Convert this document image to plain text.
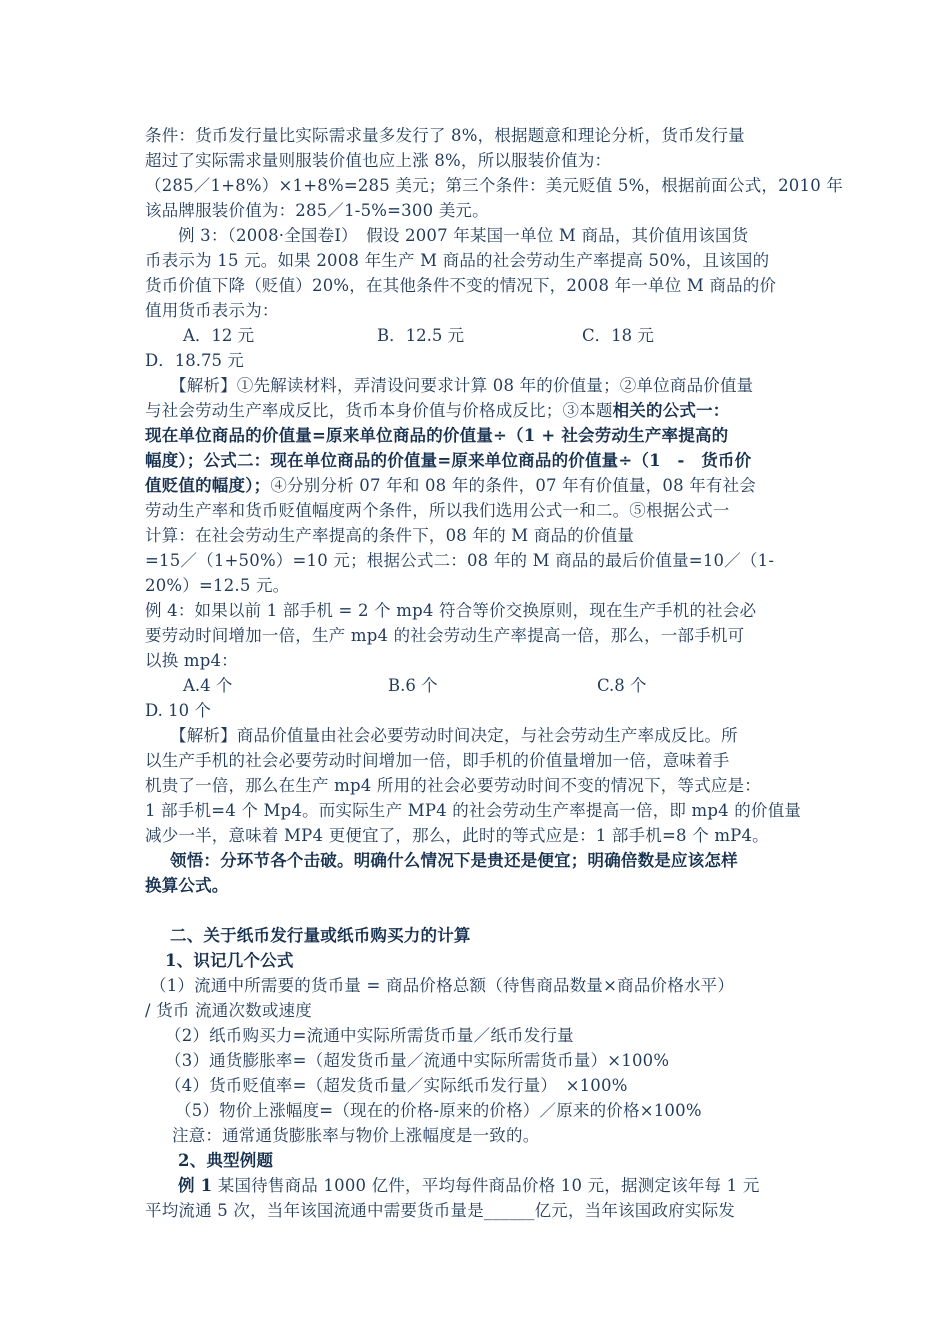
条件：货币发行量比实际需求量多发行了 8%，根据题意和理论分析，货币发行量
超过了实际需求量则服装价值也应上涨 8%，所以服装价值为：
（285／1+8%）×1+8%=285 美元；第三个条件：美元贬值 5%，根据前面公式，2010 年
该品牌服装价值为：285／1-5%=300 美元。
例 3：（2008·全国卷Ⅰ）　假设 2007 年某国一单位 M 商品，其价值用该国货
币表示为 15 元。如果 2008 年生产 M 商品的社会劳动生产率提高 50%，且该国的
货币价值下降（贬值）20%，在其他条件不变的情况下，2008 年一单位 M 商品的价
值用货币表示为：
A．12 元	B．12.5 元	C．18 元
D．18.75 元
【解析】①先解读材料，弄清设问要求计算 08 年的价值量；②单位商品价值量
与社会劳动生产率成反比，货币本身价值与价格成反比；③本题相关的公式一：
现在单位商品的价值量=原来单位商品的价值量÷（1 + 社会劳动生产率提高的
幅度）；公式二：现在单位商品的价值量=原来单位商品的价值量÷（1　-　货币价
值贬值的幅度）；④分别分析 07 年和 08 年的条件，07 年有价值量，08 年有社会
劳动生产率和货币贬值幅度两个条件，所以我们选用公式一和二。⑤根据公式一
计算：在社会劳动生产率提高的条件下，08 年的 M 商品的价值量
=15／（1+50%）=10 元；根据公式二：08 年的 M 商品的最后价值量=10／（1-
20%）=12.5 元。
例 4：如果以前 1 部手机 = 2 个 mp4 符合等价交换原则，现在生产手机的社会必
要劳动时间增加一倍，生产 mp4 的社会劳动生产率提高一倍，那么，一部手机可
以换 mp4：
A.4 个	B.6 个	C.8 个
D. 10 个
【解析】商品价值量由社会必要劳动时间决定，与社会劳动生产率成反比。所
以生产手机的社会必要劳动时间增加一倍，即手机的价值量增加一倍，意味着手
机贵了一倍，那么在生产 mp4 所用的社会必要劳动时间不变的情况下，等式应是：
1 部手机=4 个 Mp4。而实际生产 MP4 的社会劳动生产率提高一倍，即 mp4 的价值量
减少一半，意味着 MP4 更便宜了，那么，此时的等式应是：1 部手机=8 个 mP4。
领悟：分环节各个击破。明确什么情况下是贵还是便宜；明确倍数是应该怎样
换算公式。
二、关于纸币发行量或纸币购买力的计算
1、识记几个公式
（1）流通中所需要的货币量 = 商品价格总额（待售商品数量×商品价格水平）
/ 货币 流通次数或速度
（2）纸币购买力=流通中实际所需货币量／纸币发行量
（3）通货膨胀率=（超发货币量／流通中实际所需货币量）×100%
（4）货币贬值率=（超发货币量／实际纸币发行量）　×100%
（5）物价上涨幅度=（现在的价格-原来的价格）／原来的价格×100%
注意：通常通货膨胀率与物价上涨幅度是一致的。
2、典型例题
例 1 某国待售商品 1000 亿件，平均每件商品价格 10 元，据测定该年每 1 元
平均流通 5 次，当年该国流通中需要货币量是______亿元，当年该国政府实际发
